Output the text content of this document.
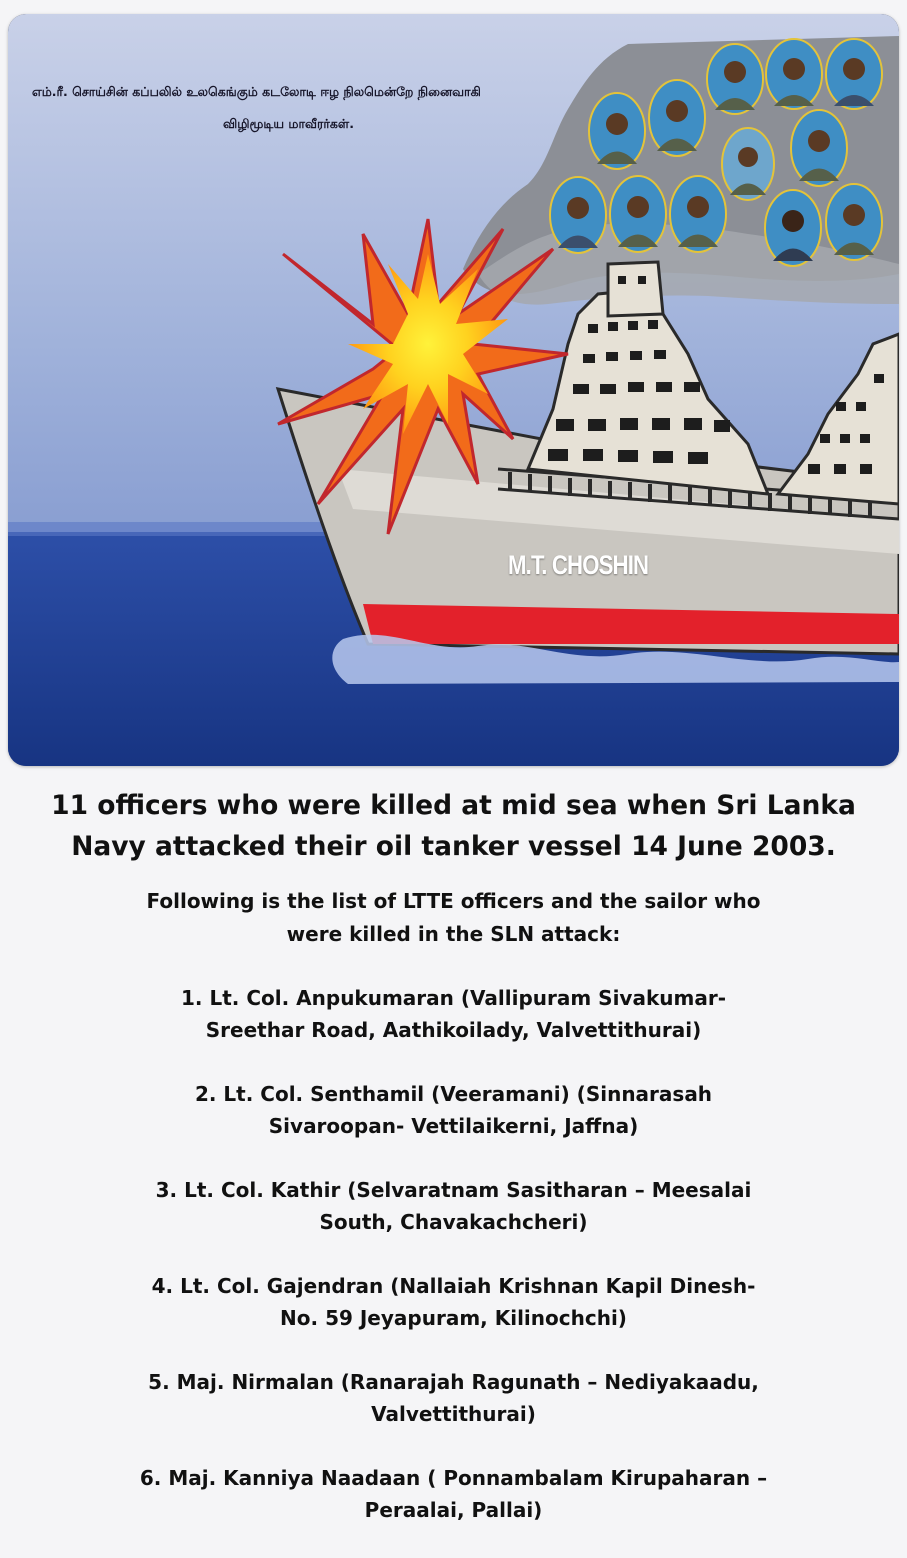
எம்.ரீ. சொய்சின் கப்பலில் உலகெங்கும் கடலோடி ஈழ நிலமென்றே நினைவாகி
விழிமூடிய மாவீரர்கள்.
M.T. CHOSHIN
11 officers who were killed at mid sea when Sri Lanka
Navy attacked their oil tanker vessel 14 June 2003.
Following is the list of LTTE officers and the sailor who
were killed in the SLN attack:
1. Lt. Col. Anpukumaran (Vallipuram Sivakumar-
Sreethar Road, Aathikoilady, Valvettithurai)
2. Lt. Col. Senthamil (Veeramani) (Sinnarasah
Sivaroopan- Vettilaikerni, Jaffna)
3. Lt. Col. Kathir (Selvaratnam Sasitharan – Meesalai
South, Chavakachcheri)
4. Lt. Col. Gajendran (Nallaiah Krishnan Kapil Dinesh-
No. 59 Jeyapuram, Kilinochchi)
5. Maj. Nirmalan (Ranarajah Ragunath – Nediyakaadu,
Valvettithurai)
6. Maj. Kanniya Naadaan ( Ponnambalam Kirupaharan –
Peraalai, Pallai)
